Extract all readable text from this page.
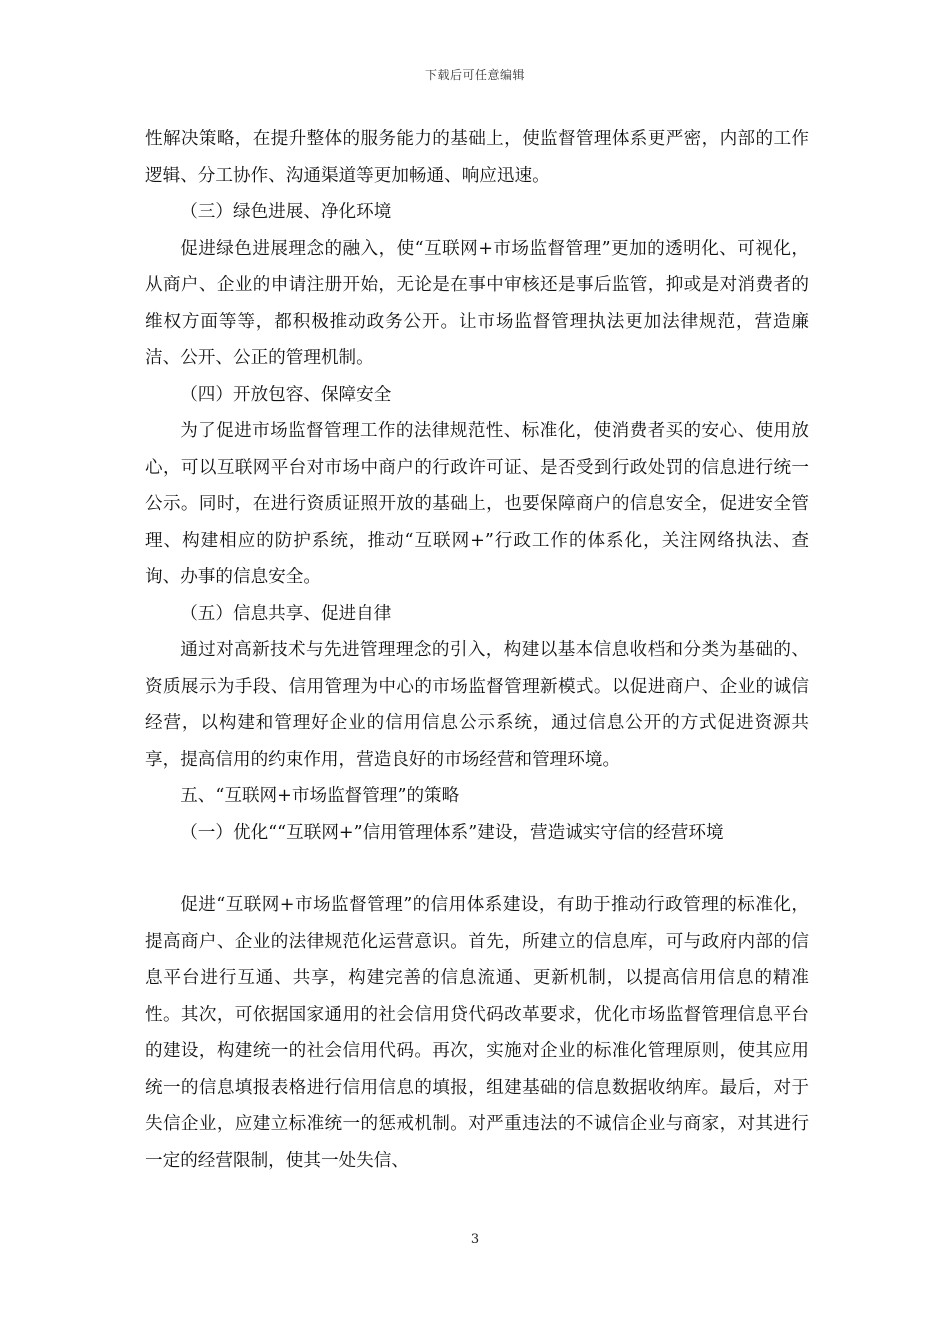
下载后可任意编辑

性解决策略，在提升整体的服务能力的基础上，使监督管理体系更严密，内部的工作逻辑、分工协作、沟通渠道等更加畅通、响应迅速。

（三）绿色进展、净化环境

促进绿色进展理念的融入，使“互联网+市场监督管理”更加的透明化、可视化，从商户、企业的申请注册开始，无论是在事中审核还是事后监管，抑或是对消费者的维权方面等等，都积极推动政务公开。让市场监督管理执法更加法律规范，营造廉洁、公开、公正的管理机制。

（四）开放包容、保障安全

为了促进市场监督管理工作的法律规范性、标准化，使消费者买的安心、使用放心，可以互联网平台对市场中商户的行政许可证、是否受到行政处罚的信息进行统一公示。同时，在进行资质证照开放的基础上，也要保障商户的信息安全，促进安全管理、构建相应的防护系统，推动“互联网+”行政工作的体系化，关注网络执法、查询、办事的信息安全。

（五）信息共享、促进自律

通过对高新技术与先进管理理念的引入，构建以基本信息收档和分类为基础的、资质展示为手段、信用管理为中心的市场监督管理新模式。以促进商户、企业的诚信经营，以构建和管理好企业的信用信息公示系统，通过信息公开的方式促进资源共享，提高信用的约束作用，营造良好的市场经营和管理环境。

五、“互联网+市场监督管理”的策略

（一）优化““互联网+”信用管理体系”建设，营造诚实守信的经营环境

促进“互联网+市场监督管理”的信用体系建设，有助于推动行政管理的标准化，提高商户、企业的法律规范化运营意识。首先，所建立的信息库，可与政府内部的信息平台进行互通、共享，构建完善的信息流通、更新机制，以提高信用信息的精准性。其次，可依据国家通用的社会信用贷代码改革要求，优化市场监督管理信息平台的建设，构建统一的社会信用代码。再次，实施对企业的标准化管理原则，使其应用统一的信息填报表格进行信用信息的填报，组建基础的信息数据收纳库。最后，对于失信企业，应建立标准统一的惩戒机制。对严重违法的不诚信企业与商家，对其进行一定的经营限制，使其一处失信、

3
